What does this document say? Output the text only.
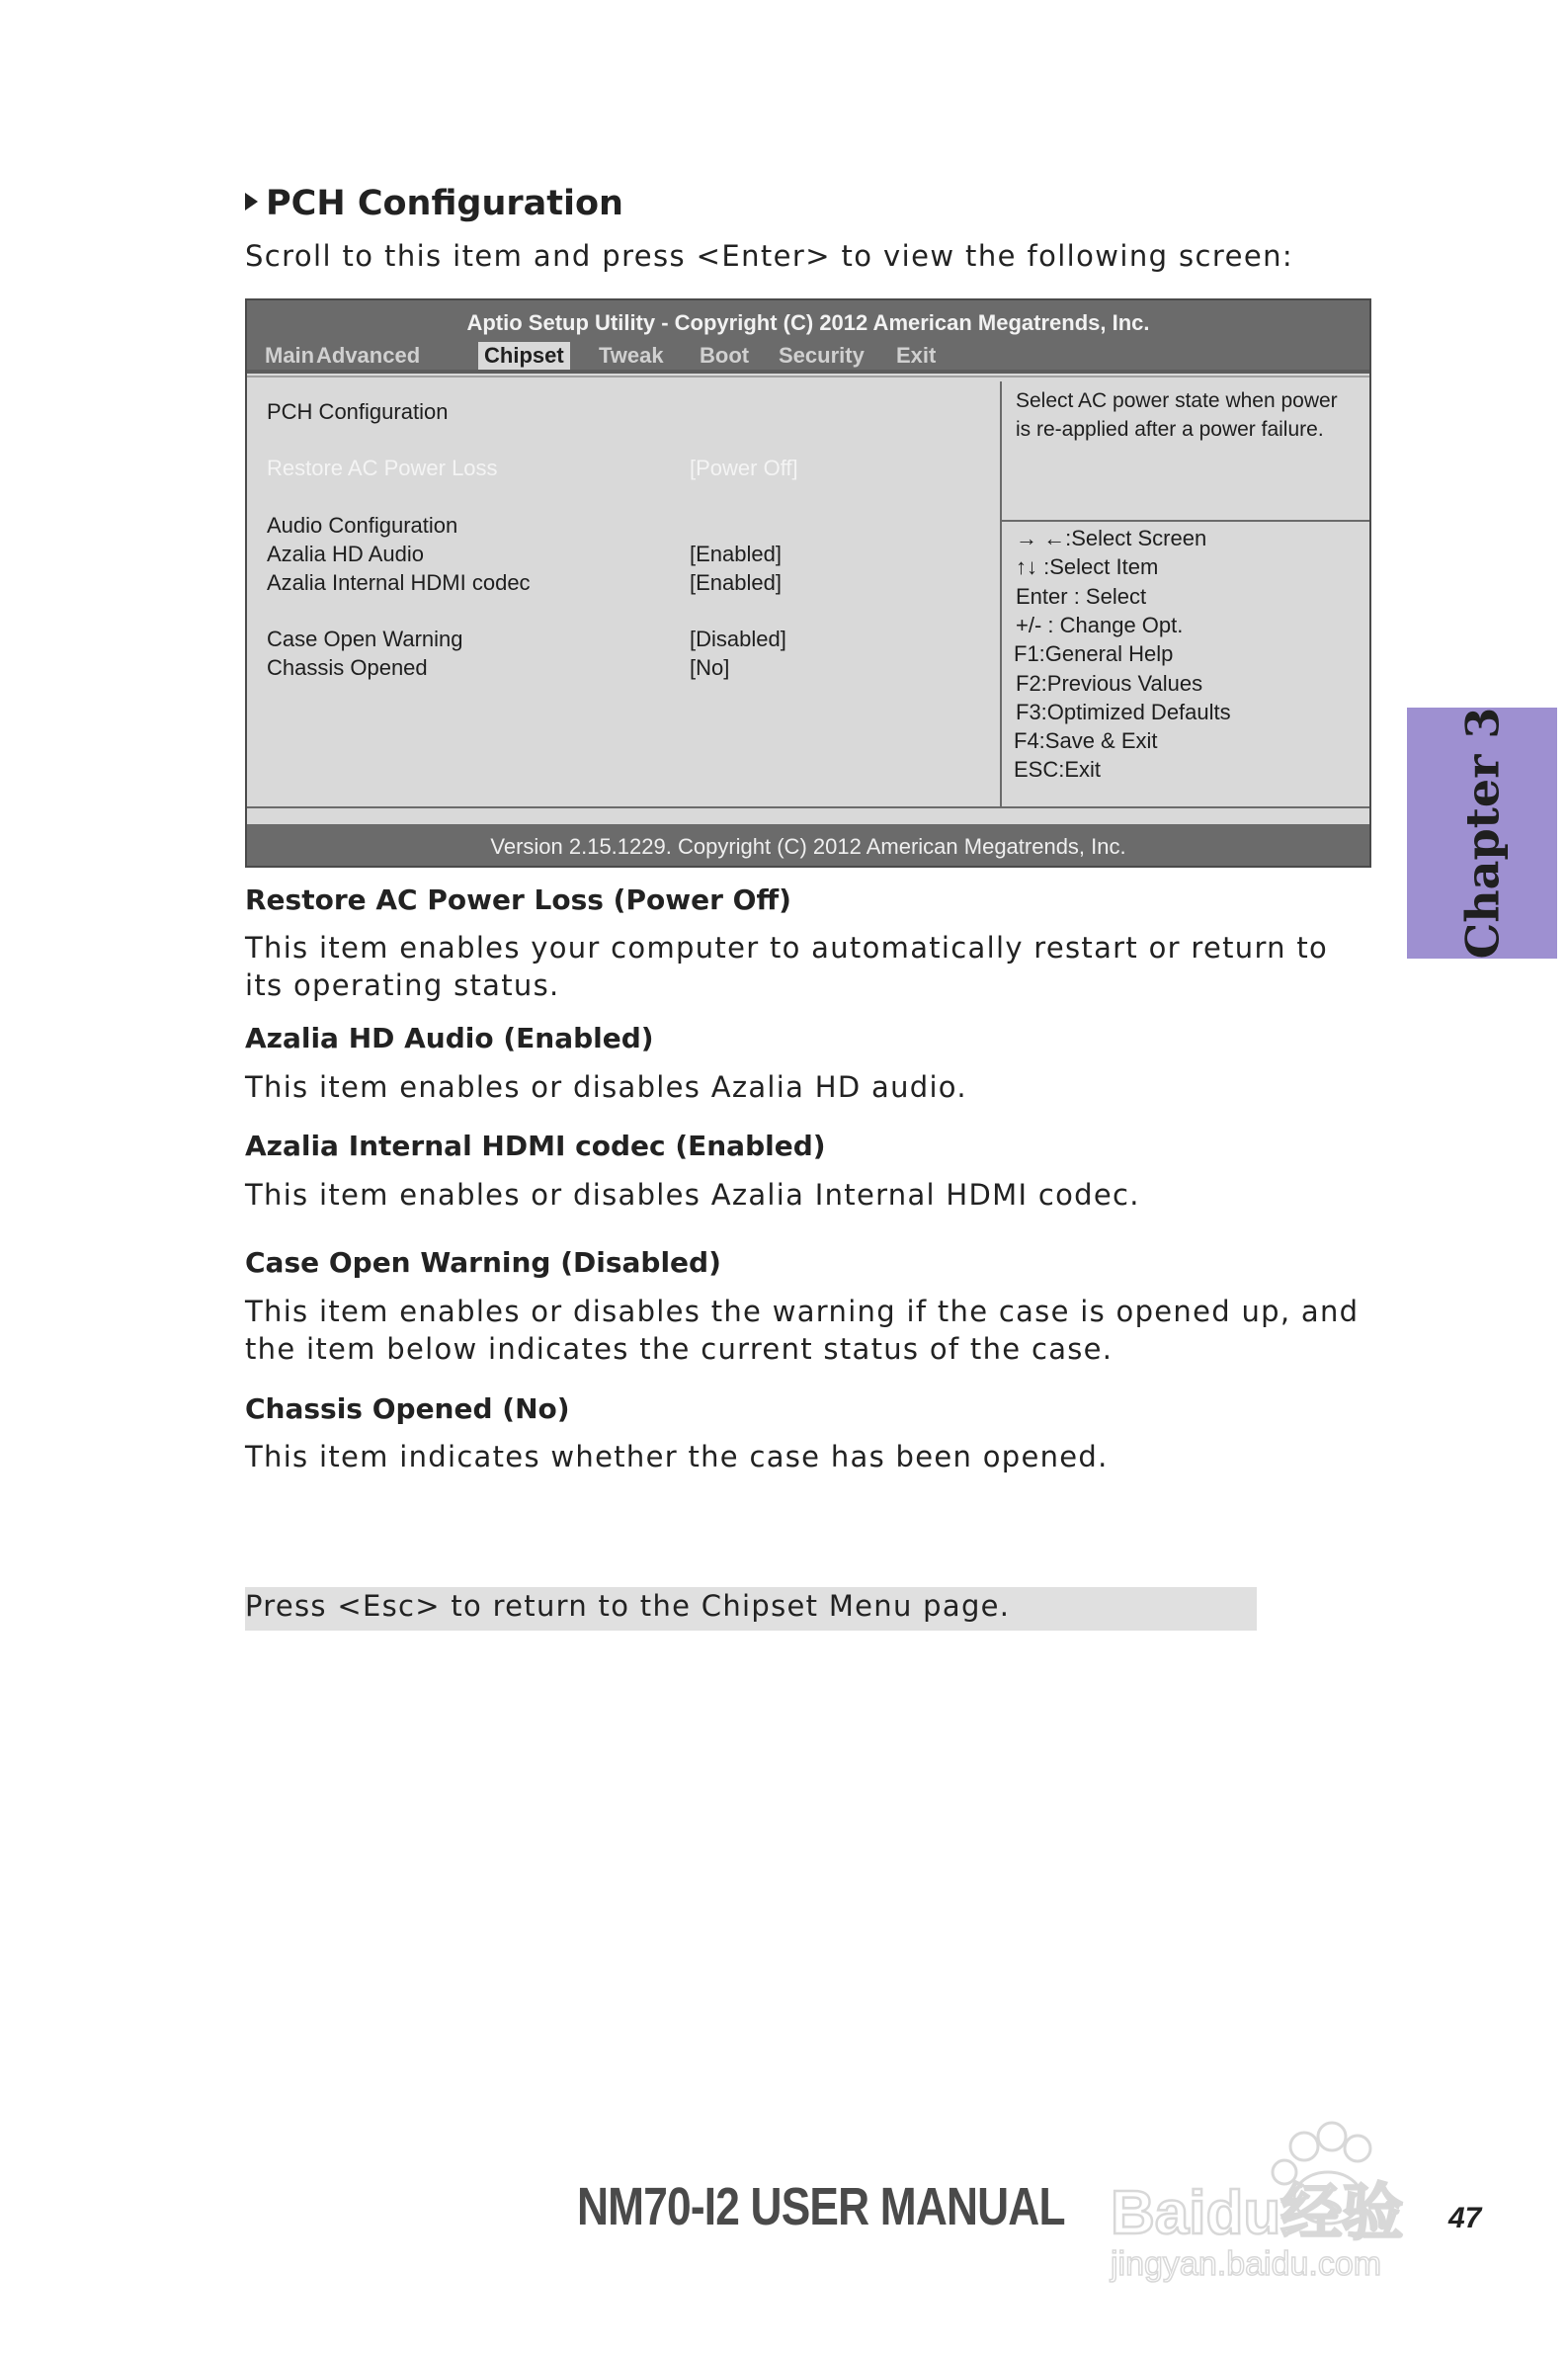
PCH Configuration
Scroll to this item and press <Enter> to view the following screen:
Aptio Setup Utility - Copyright (C) 2012 American Megatrends, Inc.
Main Advanced	Chipset Tweak Boot Security Exit
PCH Configuration
Restore AC Power Loss	[Power Off]
Audio Configuration
Azalia HD Audio	[Enabled]
Azalia Internal HDMI codec	[Enabled]
Case Open Warning	[Disabled]
Chassis Opened	[No]
Select AC power state when power
is re-applied after a power failure.
→ ←:Select Screen
↑↓ :Select Item
Enter : Select
+/- : Change Opt.
F1:General Help
F2:Previous Values
F3:Optimized Defaults
F4:Save & Exit
ESC:Exit
Version 2.15.1229. Copyright (C) 2012 American Megatrends, Inc.
Restore AC Power Loss (Power Off)
This item enables your computer to automatically restart or return to its operating status.
Azalia HD Audio (Enabled)
This item enables or disables Azalia HD audio.
Azalia Internal HDMI codec (Enabled)
This item enables or disables Azalia Internal HDMI codec.
Case Open Warning (Disabled)
This item enables or disables the warning if the case is opened up, and the item below indicates the current status of the case.
Chassis Opened (No)
This item indicates whether the case has been opened.
Press <Esc> to return to the Chipset Menu page.
Chapter 3
Baidu经验
jingyan.baidu.com
NM70-I2 USER MANUAL	47
